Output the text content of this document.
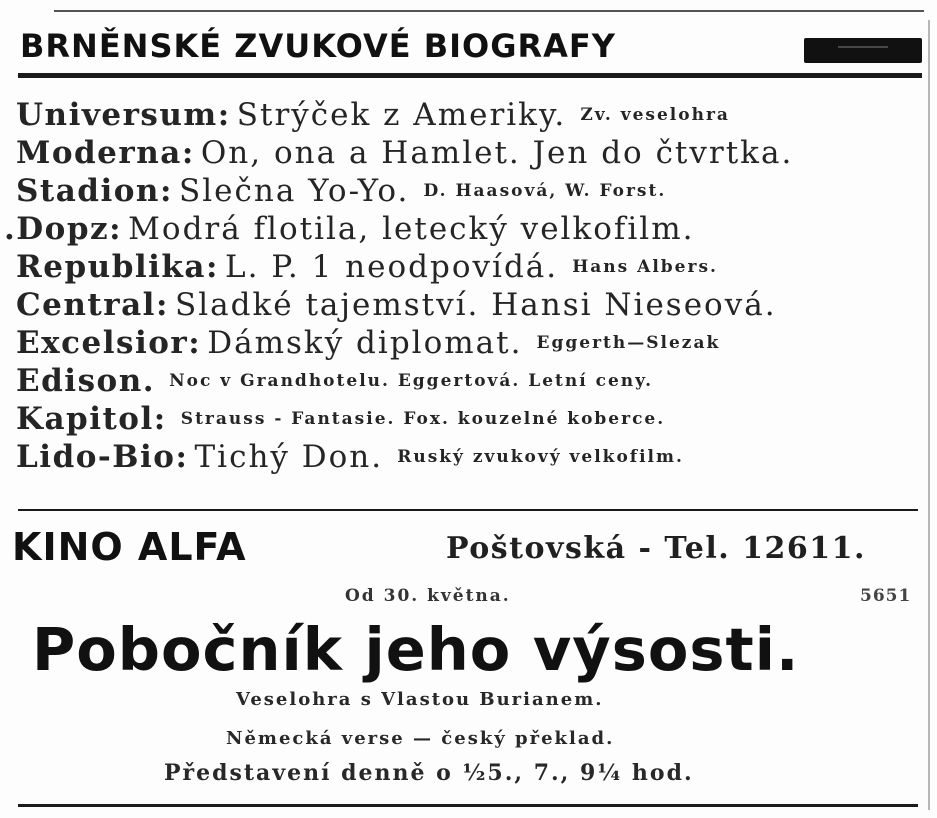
BRNĚNSKÉ ZVUKOVÉ BIOGRAFY
Universum: Strýček z Ameriky. Zv. veselohra
Moderna: On, ona a Hamlet. Jen do čtvrtka.
Stadion: Slečna Yo-Yo. D. Haasová, W. Forst.
.Dopz: Modrá flotila, letecký velkofilm.
Republika: L. P. 1 neodpovídá. Hans Albers.
Central: Sladké tajemství. Hansi Nieseová.
Excelsior: Dámský diplomat. Eggerth—Slezak
Edison. Noc v Grandhotelu. Eggertová. Letní ceny.
Kapitol: Strauss - Fantasie. Fox. kouzelné koberce.
Lido-Bio: Tichý Don. Ruský zvukový velkofilm.
KINO ALFA	Poštovská - Tel. 12611.
Od 30. května.	5651
Pobočník jeho výsosti.
Veselohra s Vlastou Burianem.
Německá verse — český překlad.
Představení denně o ½5., 7., 9¼ hod.
